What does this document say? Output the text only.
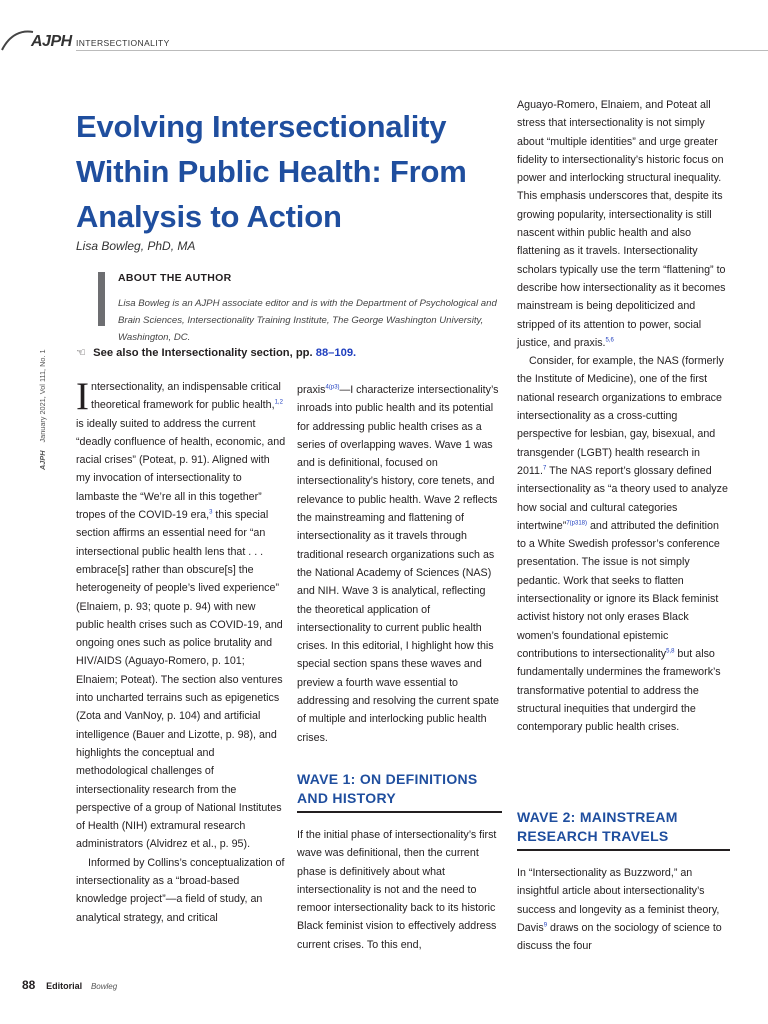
AJPH INTERSECTIONALITY
Evolving Intersectionality Within Public Health: From Analysis to Action
Lisa Bowleg, PhD, MA
ABOUT THE AUTHOR
Lisa Bowleg is an AJPH associate editor and is with the Department of Psychological and Brain Sciences, Intersectionality Training Institute, The George Washington University, Washington, DC.
☜ See also the Intersectionality section, pp. 88–109.
AJPH January 2021, Vol 111, No. 1 Intersectionality, an indispensable critical theoretical framework for public health,$^{1,2}$ is ideally suited to address the current “deadly confluence of health, economic, and racial crises” (Poteat, p. 91). Aligned with my invocation of intersectionality to lambaste the “We’re all in this together” tropes of the COVID-19 era,$^3$ this special section affirms an essential need for “an intersectional public health lens that . . . embrace[s] rather than obscure[s] the heterogeneity of people’s lived experience” (Elnaiem, p. 93; quote p. 94) with new public health crises such as COVID-19, and ongoing ones such as police brutality and HIV/AIDS (Aguayo-Romero, p. 101; Elnaiem; Poteat). The section also ventures into uncharted terrains such as epigenetics (Zota and VanNoy, p. 104) and artificial intelligence (Bauer and Lizotte, p. 98), and highlights the conceptual and methodological challenges of intersectionality research from the perspective of a group of National Institutes of Health (NIH) extramural research administrators (Alvidrez et al., p. 95).

Informed by Collins’s conceptualization of intersectionality as a “broad-based knowledge project”—a field of study, an analytical strategy, and critical

praxis$^{4(p3)}$—I characterize intersectionality’s inroads into public health and its potential for addressing public health crises as a series of overlapping waves. Wave 1 was and is definitional, focused on intersectionality’s history, core tenets, and relevance to public health. Wave 2 reflects the mainstreaming and flattening of intersectionality as it travels through traditional research organizations such as the National Academy of Sciences (NAS) and NIH. Wave 3 is analytical, reflecting the theoretical application of intersectionality to current public health crises. In this editorial, I highlight how this special section spans these waves and preview a fourth wave essential to addressing and resolving the current spate of multiple and interlocking public health crises.

WAVE 1: ON DEFINITIONS AND HISTORY

If the initial phase of intersectionality’s first wave was definitional, then the current phase is definitively about what intersectionality is not and the need to remoor intersectionality back to its historic Black feminist vision to effectively address current crises. To this end,

Aguayo-Romero, Elnaiem, and Poteat all stress that intersectionality is not simply about “multiple identities” and urge greater fidelity to intersectionality’s historic focus on power and interlocking structural inequality. This emphasis underscores that, despite its growing popularity, intersectionality is still nascent within public health and also flattening as it travels. Intersectionality scholars typically use the term “flattening” to describe how intersectionality as it becomes mainstream is being depoliticized and stripped of its attention to power, social justice, and praxis.$^{5,6}$

Consider, for example, the NAS (formerly the Institute of Medicine), one of the first national research organizations to embrace intersectionality as a cross-cutting perspective for lesbian, gay, bisexual, and transgender (LGBT) health research in 2011.$^7$ The NAS report’s glossary defined intersectionality as “a theory used to analyze how social and cultural categories intertwine”$^{7(p318)}$ and attributed the definition to a White Swedish professor’s conference presentation. The issue is not simply pedantic. Work that seeks to flatten intersectionality or ignore its Black feminist activist history not only erases Black women’s foundational epistemic contributions to intersectionality$^{5,8}$ but also fundamentally undermines the framework’s transformative potential to address the structural inequities that undergird the contemporary public health crises.

WAVE 2: MAINSTREAM RESEARCH TRAVELS

In “Intersectionality as Buzzword,” an insightful article about intersectionality’s success and longevity as a feminist theory, Davis$^9$ draws on the sociology of science to discuss the four

88 Editorial Bowleg
